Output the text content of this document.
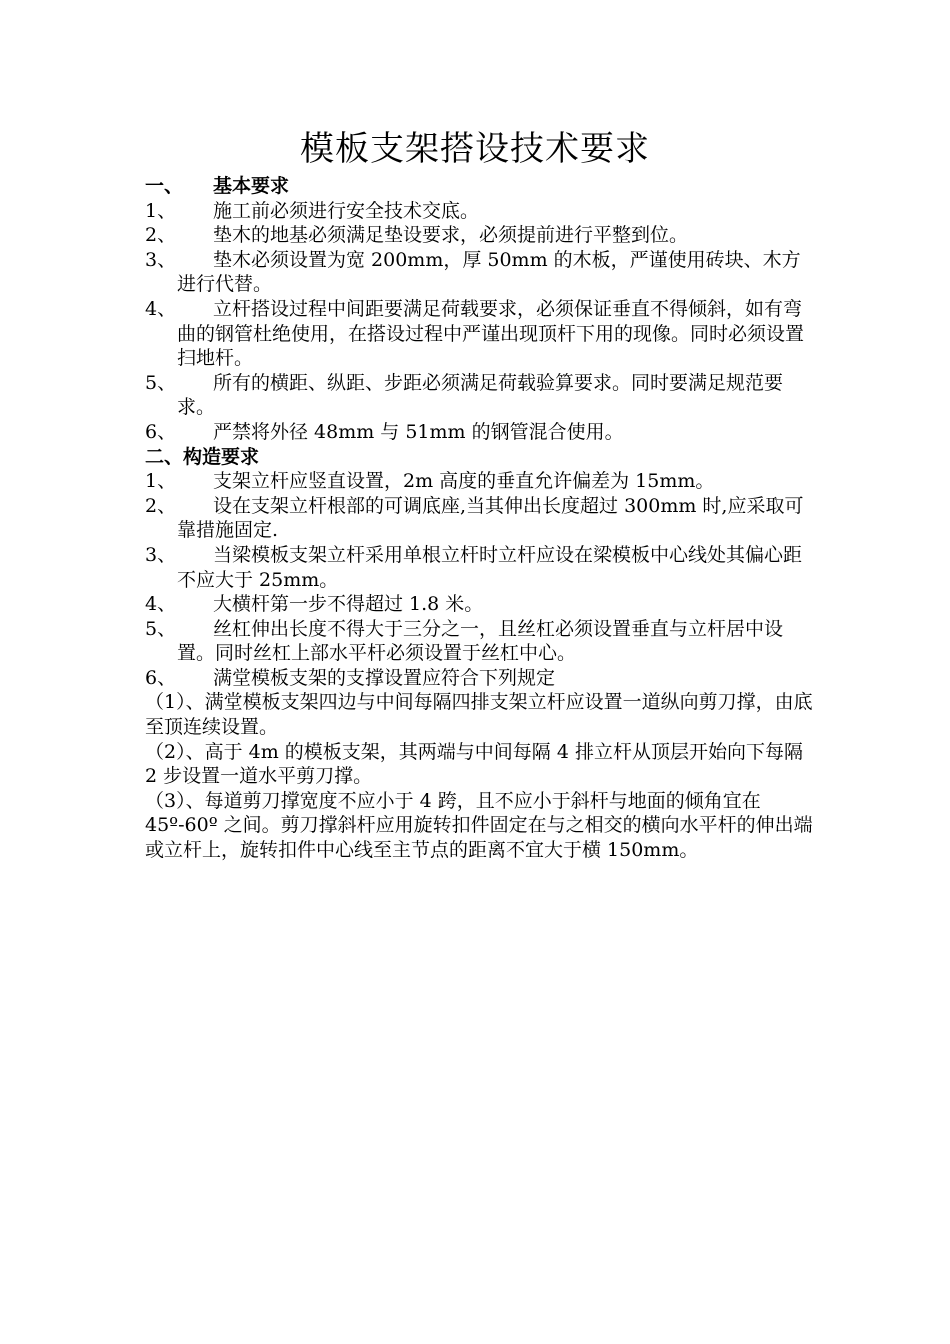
模板支架搭设技术要求
一、	基本要求
1、	施工前必须进行安全技术交底。
2、	垫木的地基必须满足垫设要求，必须提前进行平整到位。
3、	垫木必须设置为宽 200mm，厚 50mm 的木板，严谨使用砖块、木方进行代替。
4、	立杆搭设过程中间距要满足荷载要求，必须保证垂直不得倾斜，如有弯曲的钢管杜绝使用，在搭设过程中严谨出现顶杆下用的现像。同时必须设置扫地杆。
5、	所有的横距、纵距、步距必须满足荷载验算要求。同时要满足规范要求。
6、	严禁将外径 48mm 与 51mm 的钢管混合使用。

二、构造要求

1、	支架立杆应竖直设置，2m 高度的垂直允许偏差为 15mm。
2、	设在支架立杆根部的可调底座,当其伸出长度超过 300mm 时,应采取可靠措施固定.
3、	当梁模板支架立杆采用单根立杆时立杆应设在梁模板中心线处其偏心距不应大于 25mm。
4、	大横杆第一步不得超过 1.8 米。
5、	丝杠伸出长度不得大于三分之一，且丝杠必须设置垂直与立杆居中设置。同时丝杠上部水平杆必须设置于丝杠中心。
6、	满堂模板支架的支撑设置应符合下列规定

（1）、满堂模板支架四边与中间每隔四排支架立杆应设置一道纵向剪刀撑，由底至顶连续设置。

（2）、高于 4m 的模板支架，其两端与中间每隔 4 排立杆从顶层开始向下每隔 2 步设置一道水平剪刀撑。

（3）、每道剪刀撑宽度不应小于 4 跨，且不应小于斜杆与地面的倾角宜在 45º-60º 之间。剪刀撑斜杆应用旋转扣件固定在与之相交的横向水平杆的伸出端或立杆上，旋转扣件中心线至主节点的距离不宜大于横 150mm。
